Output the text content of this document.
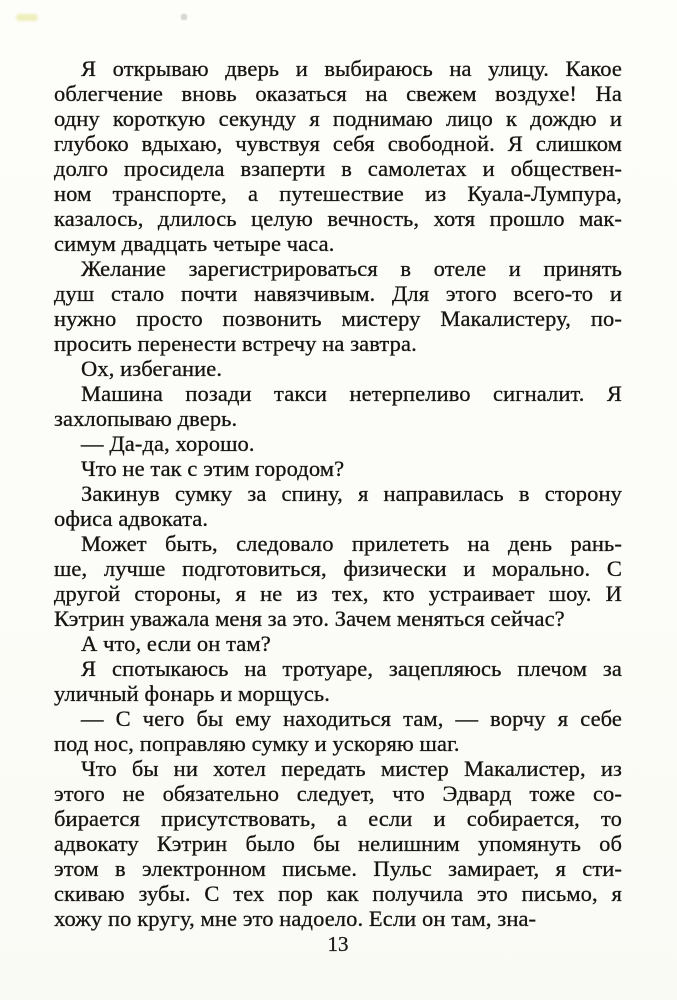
Я открываю дверь и выбираюсь на улицу. Какое
облегчение вновь оказаться на свежем воздухе! На
одну короткую секунду я поднимаю лицо к дождю и
глубоко вдыхаю, чувствуя себя свободной. Я слишком
долго просидела взаперти в самолетах и обществен-
ном транспорте, а путешествие из Куала-Лумпура,
казалось, длилось целую вечность, хотя прошло мак-
симум двадцать четыре часа.
Желание зарегистрироваться в отеле и принять
душ стало почти навязчивым. Для этого всего-то и
нужно просто позвонить мистеру Макалистеру, по-
просить перенести встречу на завтра.
Ох, избегание.
Машина позади такси нетерпеливо сигналит. Я
захлопываю дверь.
— Да-да, хорошо.
Что не так с этим городом?
Закинув сумку за спину, я направилась в сторону
офиса адвоката.
Может быть, следовало прилететь на день рань-
ше, лучше подготовиться, физически и морально. С
другой стороны, я не из тех, кто устраивает шоу. И
Кэтрин уважала меня за это. Зачем меняться сейчас?
А что, если он там?
Я спотыкаюсь на тротуаре, зацепляюсь плечом за
уличный фонарь и морщусь.
— С чего бы ему находиться там, — ворчу я себе
под нос, поправляю сумку и ускоряю шаг.
Что бы ни хотел передать мистер Макалистер, из
этого не обязательно следует, что Эдвард тоже со-
бирается присутствовать, а если и собирается, то
адвокату Кэтрин было бы нелишним упомянуть об
этом в электронном письме. Пульс замирает, я сти-
скиваю зубы. С тех пор как получила это письмо, я
хожу по кругу, мне это надоело. Если он там, зна-
13
